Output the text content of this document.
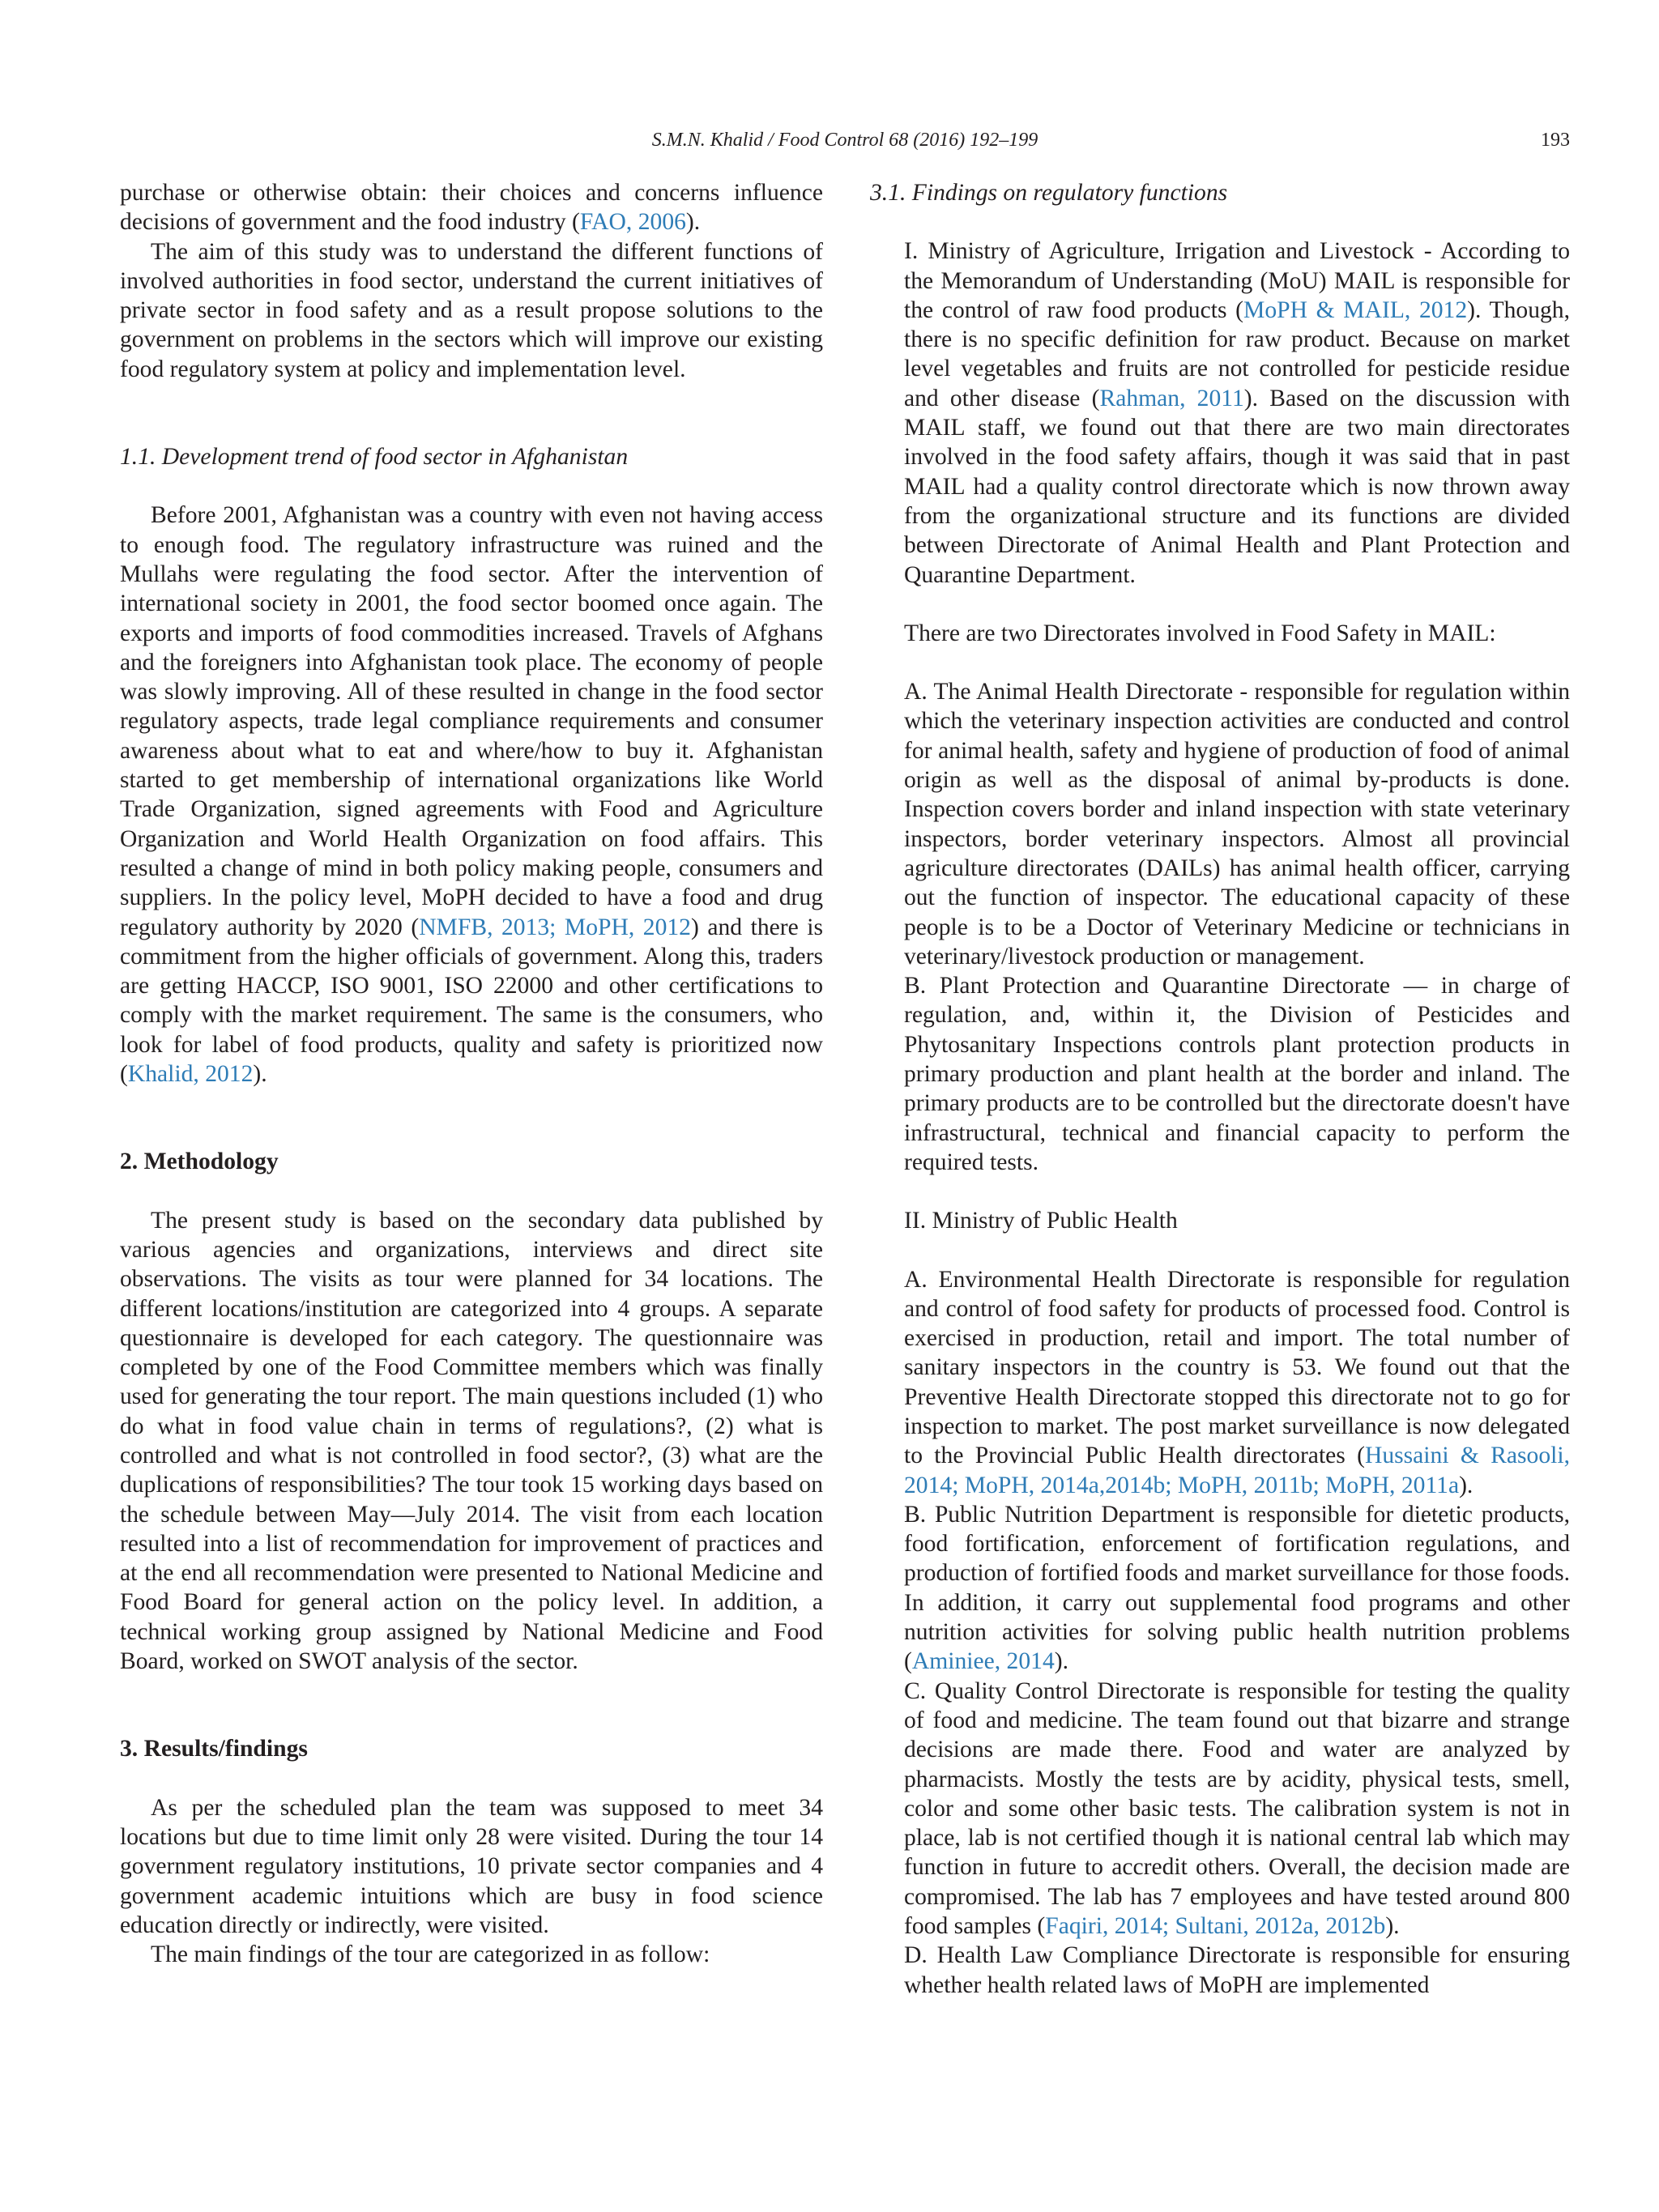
S.M.N. Khalid / Food Control 68 (2016) 192–199	193

purchase or otherwise obtain: their choices and concerns influence decisions of government and the food industry (FAO, 2006).

The aim of this study was to understand the different functions of involved authorities in food sector, understand the current initiatives of private sector in food safety and as a result propose solutions to the government on problems in the sectors which will improve our existing food regulatory system at policy and implementation level.

1.1. Development trend of food sector in Afghanistan

Before 2001, Afghanistan was a country with even not having access to enough food. The regulatory infrastructure was ruined and the Mullahs were regulating the food sector. After the intervention of international society in 2001, the food sector boomed once again. The exports and imports of food commodities increased. Travels of Afghans and the foreigners into Afghanistan took place. The economy of people was slowly improving. All of these resulted in change in the food sector regulatory aspects, trade legal compliance requirements and consumer awareness about what to eat and where/how to buy it. Afghanistan started to get membership of international organizations like World Trade Organization, signed agreements with Food and Agriculture Organization and World Health Organization on food affairs. This resulted a change of mind in both policy making people, consumers and suppliers. In the policy level, MoPH decided to have a food and drug regulatory authority by 2020 (NMFB, 2013; MoPH, 2012) and there is commitment from the higher officials of government. Along this, traders are getting HACCP, ISO 9001, ISO 22000 and other certifications to comply with the market requirement. The same is the consumers, who look for label of food products, quality and safety is prioritized now (Khalid, 2012).

2. Methodology

The present study is based on the secondary data published by various agencies and organizations, interviews and direct site observations. The visits as tour were planned for 34 locations. The different locations/institution are categorized into 4 groups. A separate questionnaire is developed for each category. The questionnaire was completed by one of the Food Committee members which was finally used for generating the tour report. The main questions included (1) who do what in food value chain in terms of regulations?, (2) what is controlled and what is not controlled in food sector?, (3) what are the duplications of responsibilities? The tour took 15 working days based on the schedule between May—July 2014. The visit from each location resulted into a list of recommendation for improvement of practices and at the end all recommendation were presented to National Medicine and Food Board for general action on the policy level. In addition, a technical working group assigned by National Medicine and Food Board, worked on SWOT analysis of the sector.

3. Results/findings

As per the scheduled plan the team was supposed to meet 34 locations but due to time limit only 28 were visited. During the tour 14 government regulatory institutions, 10 private sector companies and 4 government academic intuitions which are busy in food science education directly or indirectly, were visited.

The main findings of the tour are categorized in as follow:

3.1. Findings on regulatory functions

I. Ministry of Agriculture, Irrigation and Livestock - According to the Memorandum of Understanding (MoU) MAIL is responsible for the control of raw food products (MoPH & MAIL, 2012). Though, there is no specific definition for raw product. Because on market level vegetables and fruits are not controlled for pesticide residue and other disease (Rahman, 2011). Based on the discussion with MAIL staff, we found out that there are two main directorates involved in the food safety affairs, though it was said that in past MAIL had a quality control directorate which is now thrown away from the organizational structure and its functions are divided between Directorate of Animal Health and Plant Protection and Quarantine Department.

There are two Directorates involved in Food Safety in MAIL:

A. The Animal Health Directorate - responsible for regulation within which the veterinary inspection activities are conducted and control for animal health, safety and hygiene of production of food of animal origin as well as the disposal of animal by-products is done. Inspection covers border and inland inspection with state veterinary inspectors, border veterinary inspectors. Almost all provincial agriculture directorates (DAILs) has animal health officer, carrying out the function of inspector. The educational capacity of these people is to be a Doctor of Veterinary Medicine or technicians in veterinary/livestock production or management.

B. Plant Protection and Quarantine Directorate — in charge of regulation, and, within it, the Division of Pesticides and Phytosanitary Inspections controls plant protection products in primary production and plant health at the border and inland. The primary products are to be controlled but the directorate doesn't have infrastructural, technical and financial capacity to perform the required tests.

II. Ministry of Public Health

A. Environmental Health Directorate is responsible for regulation and control of food safety for products of processed food. Control is exercised in production, retail and import. The total number of sanitary inspectors in the country is 53. We found out that the Preventive Health Directorate stopped this directorate not to go for inspection to market. The post market surveillance is now delegated to the Provincial Public Health directorates (Hussaini & Rasooli, 2014; MoPH, 2014a,2014b; MoPH, 2011b; MoPH, 2011a).

B. Public Nutrition Department is responsible for dietetic products, food fortification, enforcement of fortification regulations, and production of fortified foods and market surveillance for those foods. In addition, it carry out supplemental food programs and other nutrition activities for solving public health nutrition problems (Aminiee, 2014).

C. Quality Control Directorate is responsible for testing the quality of food and medicine. The team found out that bizarre and strange decisions are made there. Food and water are analyzed by pharmacists. Mostly the tests are by acidity, physical tests, smell, color and some other basic tests. The calibration system is not in place, lab is not certified though it is national central lab which may function in future to accredit others. Overall, the decision made are compromised. The lab has 7 employees and have tested around 800 food samples (Faqiri, 2014; Sultani, 2012a, 2012b).

D. Health Law Compliance Directorate is responsible for ensuring whether health related laws of MoPH are implemented
